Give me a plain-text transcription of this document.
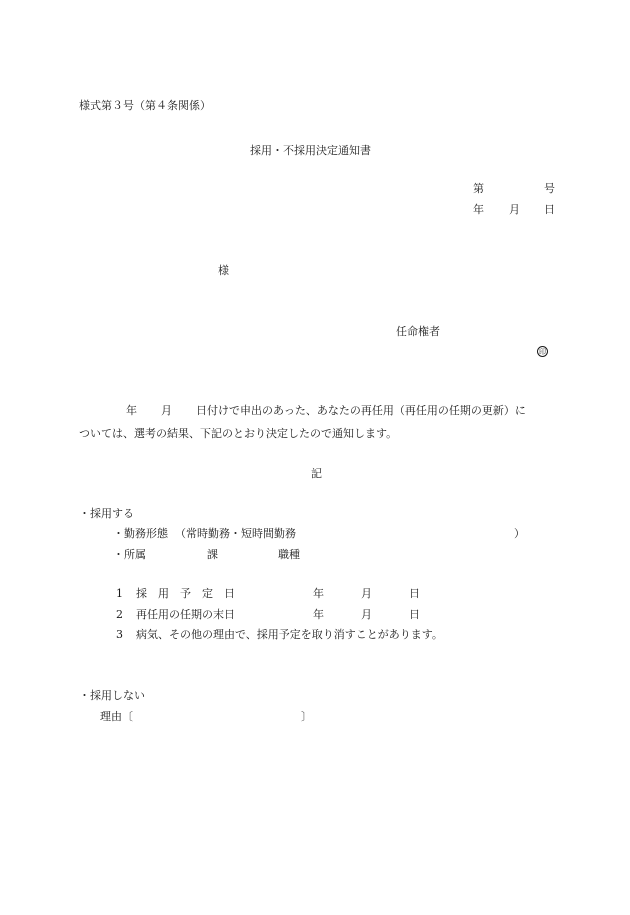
様式第３号（第４条関係）
採用・不採用決定通知書
第	号
年 月 日
様
任命権者
印
年 月 日付けで申出のあった、あなたの再任用（再任用の任期の更新）に
ついては、選考の結果、下記のとおり決定したので通知します。
記
・採用する
・勤務形態 （常時勤務・短時間勤務	）
・所属	課	職種
1 採　用　予　定　日	年	月	日
2 再任用の任期の末日	年	月	日
3 病気、その他の理由で、採用予定を取り消すことがあります。
・採用しない
理由〔	〕
